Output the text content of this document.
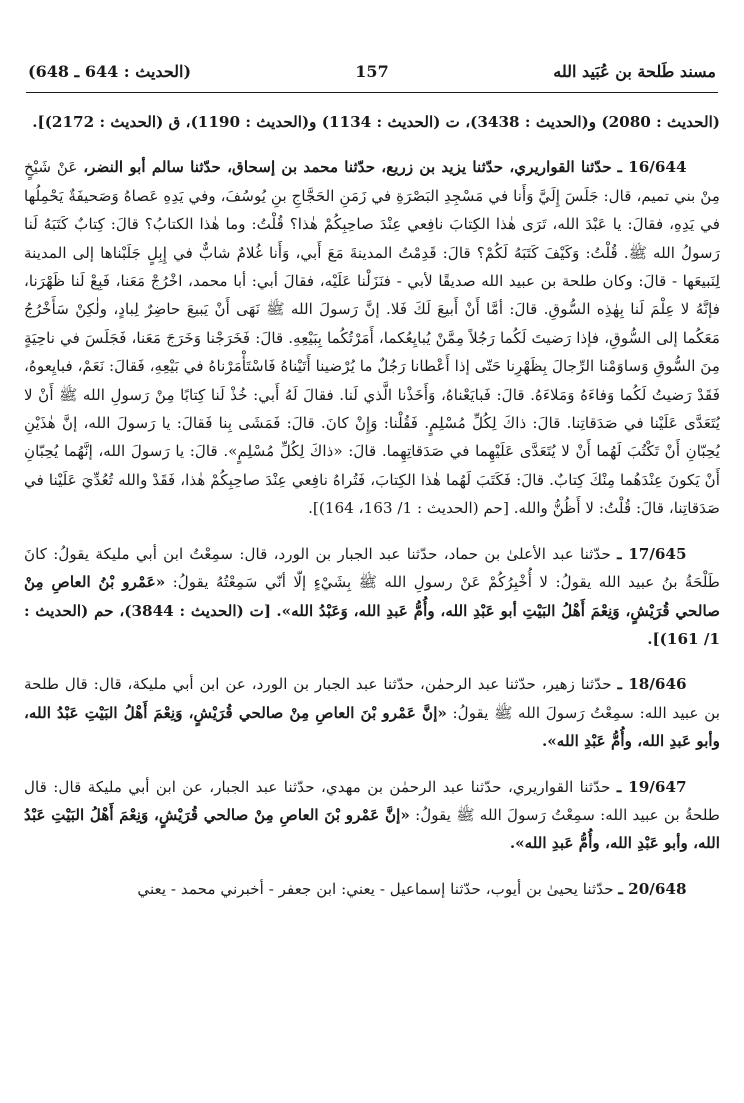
مسند طَلحة بن عُبَيد الله
157
(الحديث : 644 ـ 648)

(الحديث : 2080) و(الحديث : 3438)، ت (الحديث : 1134) و(الحديث : 1190)، ق (الحديث : 2172)].

16/644 ـ حدّثنا القواريري، حدّثنا يزيد بن زريع، حدّثنا محمد بن إسحاق، حدّثنا سالم أبو النضر، عَنْ شَيْخٍ مِنْ بني تميم، قال: جَلَسَ إِلَيَّ وَأَنا في مَسْجِدِ البَصْرَةِ في زَمَنِ الحَجَّاجِ بنِ يُوسُفَ، وفي يَدِهِ عَصاهُ وَصَحيفَةٌ يَحْمِلُها في يَدِهِ، فقالَ: يا عَبْدَ الله، تَرَى هٰذا الكِتابَ نافِعي عِنْدَ صاحِبِكُمْ هٰذا؟ قُلْتُ: وما هٰذا الكتابُ؟ قالَ: كِتابٌ كَتَبَهُ لَنا رَسولُ الله ﷺ. قُلْتُ: وَكَيْفَ كَتَبَهُ لَكُمْ؟ قالَ: قَدِمْتُ المدينةَ مَعَ أَبي، وَأَنا غُلامٌ شابٌّ في إِبِلٍ جَلَبْناها إلى المدينة لِنَبيعَها - قالَ: وكان طلحة بن عبيد الله صديقًا لأبي - فنَزَلْنا عَلَيْه، فقالَ أبي: أبا محمد، اخْرُجْ مَعَنا، فَبِعْ لَنا ظَهْرَنا، فإنَّهُ لا عِلْمَ لَنا بِهٰذِه السُّوقِ. قالَ: أمَّا أَنْ أَبيعَ لَكَ فَلا. إنَّ رَسولَ الله ﷺ نَهَى أَنْ يَبيعَ حاضِرٌ لِبادٍ، ولٰكِنْ سَأَخْرُجُ مَعَكُما إلى السُّوقِ، فإذا رَضيتَ لَكُما رَجُلاً مِمَّنْ يُبايِعُكما، أَمَرْتُكُما بِبَيْعِهِ. قالَ: فَخَرَجْنا وَخَرَجَ مَعَنا، فَجَلَسَ في ناحِيَةٍ مِنَ السُّوقِ وَساوَمْنا الرِّجالَ بِظَهْرِنا حَتّى إذا أَعْطانا رَجُلٌ ما يُرْضينا أَتَيْناهُ فَاسْتَأْمَرْناهُ في بَيْعِهِ، فَقالَ: نَعَمْ، فبايِعوهُ، فَقَدْ رَضيتُ لَكُما وَفاءَهُ وَمَلاءَهُ. قالَ: فَبايَعْناهُ، وَأَخَذْنا الَّذي لَنا. فقالَ لَهُ أَبي: خُذْ لَنا كِتابًا مِنْ رَسولِ الله ﷺ أَنْ لا يُتَعَدَّى عَلَيْنا في صَدَقاتِنا. قالَ: ذاكَ لِكُلِّ مُسْلِمٍ. فَقُلْنا: وَإِنْ كانَ. قالَ: فَمَشَى بِنا فَقالَ: يا رَسولَ الله، إنَّ هٰذَيْنِ يُحِبّانِ أَنْ تَكْتُبَ لَهُما أَنْ لا يُتَعَدَّى عَلَيْهِما في صَدَقاتِهِما. قالَ: «ذاكَ لِكُلِّ مُسْلِمٍ». قالَ: يا رَسولَ الله، إنَّهُما يُحِبّانِ أَنْ يَكونَ عِنْدَهُما مِنْكَ كِتابٌ. قالَ: فَكَتَبَ لَهُما هٰذا الكِتابَ، فَتُراهُ نافِعي عِنْدَ صاحِبِكُمْ هٰذا، فَقَدْ والله تُعُدِّيَ عَلَيْنا في صَدَقاتِنا، قالَ: قُلْتُ: لا أَظُنُّ والله. [حم (الحديث : 1/ 163، 164)].

17/645 ـ حدّثنا عبد الأعلىٰ بن حماد، حدّثنا عبد الجبار بن الورد، قال: سمِعْتُ ابن أبي مليكة يقولُ: كانَ طَلْحَةُ بنُ عبيد الله يقولُ: لا أُخْبِرُكُمْ عَنْ رسولِ الله ﷺ بِشَيْءٍ إلّا أنّي سَمِعْتُهُ يقولُ: «عَمْرو بْنُ العاصِ مِنْ صالحي قُرَيْشٍ، وَنِعْمَ أَهْلُ البَيْتِ أبو عَبْدِ الله، وأُمُّ عَبدِ الله، وَعَبْدُ الله». [ت (الحديث : 3844)، حم (الحديث : 1/ 161)].

18/646 ـ حدّثنا زهير، حدّثنا عبد الرحمٰن، حدّثنا عبد الجبار بن الورد، عن ابن أبي مليكة، قال: قال طلحة بن عبيد الله: سمِعْتُ رَسولَ الله ﷺ يقولُ: «إنَّ عَمْرو بْنَ العاصِ مِنْ صالحي قُرَيْشٍ، وَنِعْمَ أَهْلُ البَيْتِ عَبْدُ الله، وأبو عَبدِ الله، وأُمُّ عَبْدِ الله».

19/647 ـ حدّثنا القواريري، حدّثنا عبد الرحمٰن بن مهدي، حدّثنا عبد الجبار، عن ابن أبي مليكة قال: قال طلحةُ بن عبيد الله: سمِعْتُ رَسولَ الله ﷺ يقولُ: «إنَّ عَمْرو بْنَ العاصِ مِنْ صالحي قُرَيْشٍ، وَنِعْمَ أَهْلُ البَيْتِ عَبْدُ الله، وأبو عَبْدِ الله، وأُمُّ عَبدِ الله».

20/648 ـ حدّثنا يحيىٰ بن أيوب، حدّثنا إسماعيل - يعني: ابن جعفر - أخبرني محمد - يعني
